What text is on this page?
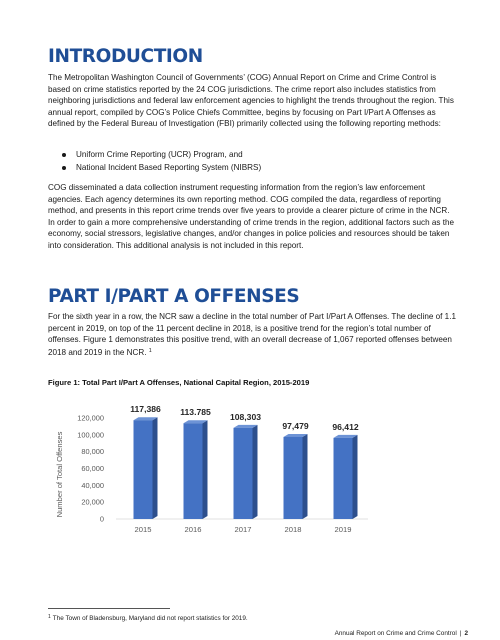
INTRODUCTION

The Metropolitan Washington Council of Governments’ (COG) Annual Report on Crime and Crime Control is based on crime statistics reported by the 24 COG jurisdictions. The crime report also includes statistics from neighboring jurisdictions and federal law enforcement agencies to highlight the trends throughout the region. This annual report, compiled by COG’s Police Chiefs Committee, begins by focusing on Part I/Part A Offenses as defined by the Federal Bureau of Investigation (FBI) primarily collected using the following reporting methods:

Uniform Crime Reporting (UCR) Program, and
National Incident Based Reporting System (NIBRS)

COG disseminated a data collection instrument requesting information from the region’s law enforcement agencies. Each agency determines its own reporting method. COG compiled the data, regardless of reporting method, and presents in this report crime trends over five years to provide a clearer picture of crime in the NCR. In order to gain a more comprehensive understanding of crime trends in the region, additional factors such as the economy, social stressors, legislative changes, and/or changes in police policies and resources should be taken into consideration. This additional analysis is not included in this report.

PART I/PART A OFFENSES

For the sixth year in a row, the NCR saw a decline in the total number of Part I/Part A Offenses. The decline of 1.1 percent in 2019, on top of the 11 percent decline in 2018, is a positive trend for the region’s total number of offenses. Figure 1 demonstrates this positive trend, with an overall decrease of 1,067 reported offenses between 2018 and 2019 in the NCR. $^1$

Figure 1: Total Part I/Part A Offenses, National Capital Region, 2015-2019

Number of Total Offenses
0
20,000
40,000
60,000
80,000
100,000
120,000
117,386
2015
113.785
2016
108,303
2017
97,479
2018
96,412
2019

$^1$ The Town of Bladensburg, Maryland did not report statistics for 2019.

Annual Report on Crime and Crime Control | 2
